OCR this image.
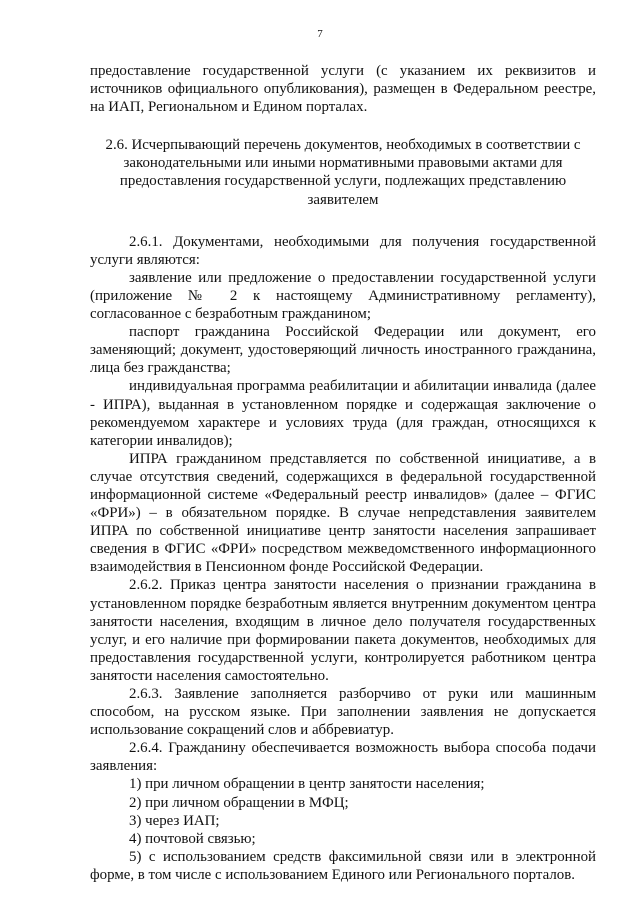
7

предоставление государственной услуги (с указанием их реквизитов и источников официального опубликования), размещен в Федеральном реестре, на ИАП, Региональном и Едином порталах.

2.6. Исчерпывающий перечень документов, необходимых в соответствии с законодательными или иными нормативными правовыми актами для предоставления государственной услуги, подлежащих представлению заявителем

2.6.1. Документами, необходимыми для получения государственной услуги являются:

заявление или предложение о предоставлении государственной услуги (приложение № 2 к настоящему Административному регламенту), согласованное с безработным гражданином;

паспорт гражданина Российской Федерации или документ, его заменяющий; документ, удостоверяющий личность иностранного гражданина, лица без гражданства;

индивидуальная программа реабилитации и абилитации инвалида (далее - ИПРА), выданная в установленном порядке и содержащая заключение о рекомендуемом характере и условиях труда (для граждан, относящихся к категории инвалидов);

ИПРА гражданином представляется по собственной инициативе, а в случае отсутствия сведений, содержащихся в федеральной государственной информационной системе «Федеральный реестр инвалидов» (далее – ФГИС «ФРИ») – в обязательном порядке. В случае непредставления заявителем ИПРА по собственной инициативе центр занятости населения запрашивает сведения в ФГИС «ФРИ» посредством межведомственного информационного взаимодействия в Пенсионном фонде Российской Федерации.

2.6.2. Приказ центра занятости населения о признании гражданина в установленном порядке безработным является внутренним документом центра занятости населения, входящим в личное дело получателя государственных услуг, и его наличие при формировании пакета документов, необходимых для предоставления государственной услуги, контролируется работником центра занятости населения самостоятельно.

2.6.3. Заявление заполняется разборчиво от руки или машинным способом, на русском языке. При заполнении заявления не допускается использование сокращений слов и аббревиатур.

2.6.4. Гражданину обеспечивается возможность выбора способа подачи заявления:

1) при личном обращении в центр занятости населения;

2) при личном обращении в МФЦ;

3) через ИАП;

4) почтовой связью;

5) с использованием средств факсимильной связи или в электронной форме, в том числе с использованием Единого или Регионального порталов.
